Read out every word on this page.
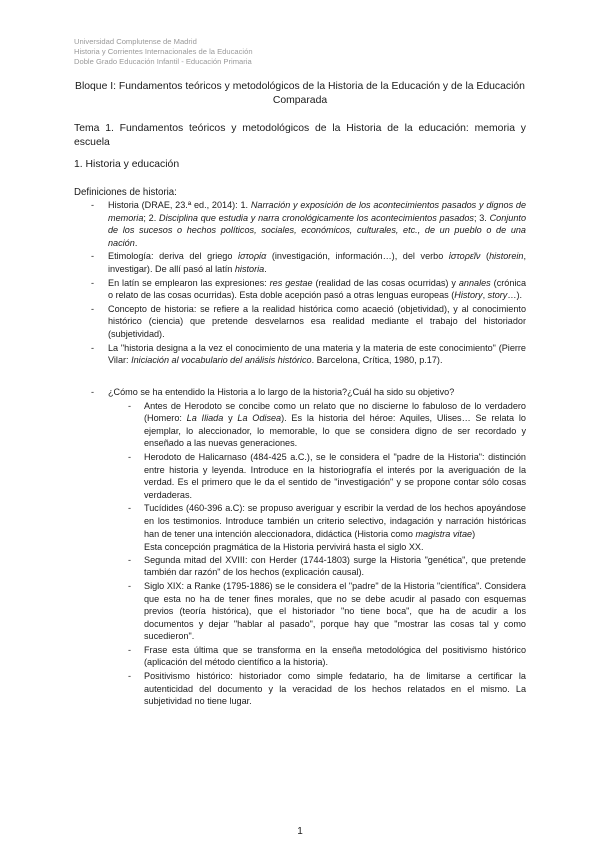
Universidad Complutense de Madrid
Historia y Corrientes Internacionales de la Educación
Doble Grado Educación Infantil - Educación Primaria
Bloque I: Fundamentos teóricos y metodológicos de la Historia de la Educación y de la Educación Comparada
Tema 1. Fundamentos teóricos y metodológicos de la Historia de la educación: memoria y escuela
1. Historia y educación
Definiciones de historia:
- Historia (DRAE, 23.ª ed., 2014): 1. Narración y exposición de los acontecimientos pasados y dignos de memoria; 2. Disciplina que estudia y narra cronológicamente los acontecimientos pasados; 3. Conjunto de los sucesos o hechos políticos, sociales, económicos, culturales, etc., de un pueblo o de una nación.
- Etimología: deriva del griego ἱστορία (investigación, información…), del verbo ἱστορεῖν (historein, investigar). De allí pasó al latín historia.
- En latín se emplearon las expresiones: res gestae (realidad de las cosas ocurridas) y annales (crónica o relato de las cosas ocurridas). Esta doble acepción pasó a otras lenguas europeas (History, story…).
- Concepto de historia: se refiere a la realidad histórica como acaeció (objetividad), y al conocimiento histórico (ciencia) que pretende desvelarnos esa realidad mediante el trabajo del historiador (subjetividad).
- La "historia designa a la vez el conocimiento de una materia y la materia de este conocimiento" (Pierre Vilar: Iniciación al vocabulario del análisis histórico. Barcelona, Crítica, 1980, p.17).
- ¿Cómo se ha entendido la Historia a lo largo de la historia?¿Cuál ha sido su objetivo?
- Antes de Herodoto se concibe como un relato que no discierne lo fabuloso de lo verdadero (Homero: La Iliada y La Odisea). Es la historia del héroe: Aquiles, Ulises… Se relata lo ejemplar, lo aleccionador, lo memorable, lo que se considera digno de ser recordado y enseñado a las nuevas generaciones.
- Herodoto de Halicarnaso (484-425 a.C.), se le considera el "padre de la Historia": distinción entre historia y leyenda. Introduce en la historiografía el interés por la averiguación de la verdad. Es el primero que le da el sentido de "investigación" y se propone contar sólo cosas verdaderas.
- Tucídides (460-396 a.C): se propuso averiguar y escribir la verdad de los hechos apoyándose en los testimonios. Introduce también un criterio selectivo, indagación y narración históricas han de tener una intención aleccionadora, didáctica (Historia como magistra vitae)
Esta concepción pragmática de la Historia pervivirá hasta el siglo XX.
- Segunda mitad del XVIII: con Herder (1744-1803) surge la Historia "genética", que pretende también dar razón" de los hechos (explicación causal).
- Siglo XIX: a Ranke (1795-1886) se le considera el "padre" de la Historia "científica". Considera que esta no ha de tener fines morales, que no se debe acudir al pasado con esquemas previos (teoría histórica), que el historiador "no tiene boca", que ha de acudir a los documentos y dejar "hablar al pasado", porque hay que "mostrar las cosas tal y como sucedieron".
- Frase esta última que se transforma en la enseña metodológica del positivismo histórico (aplicación del método científico a la historia).
- Positivismo histórico: historiador como simple fedatario, ha de limitarse a certificar la autenticidad del documento y la veracidad de los hechos relatados en el mismo. La subjetividad no tiene lugar.
1
